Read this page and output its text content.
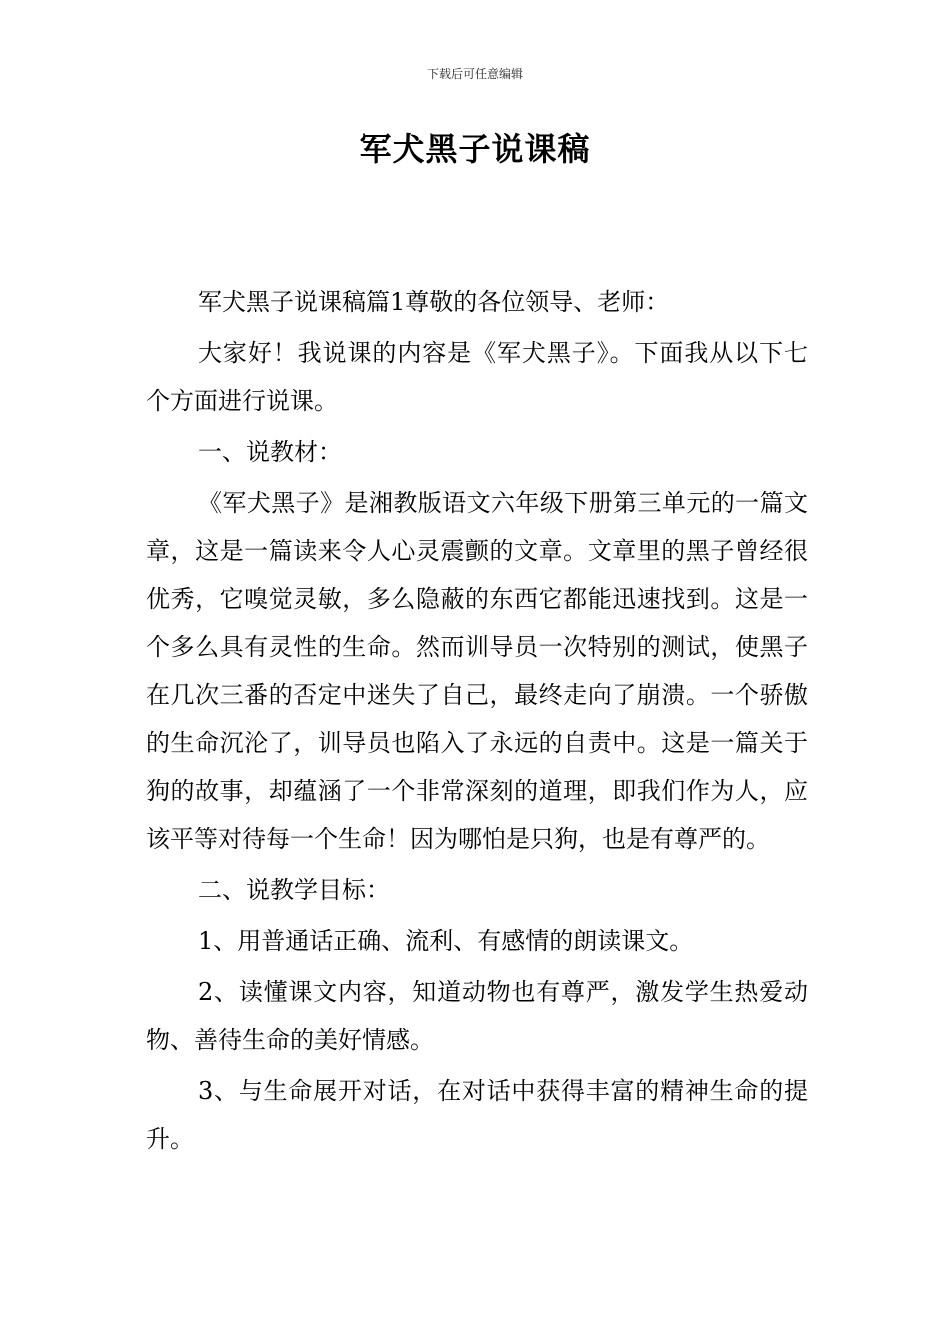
下载后可任意编辑
军犬黑子说课稿

军犬黑子说课稿篇1尊敬的各位领导、老师：

大家好！我说课的内容是《军犬黑子》。下面我从以下七个方面进行说课。

一、说教材：

《军犬黑子》是湘教版语文六年级下册第三单元的一篇文章，这是一篇读来令人心灵震颤的文章。文章里的黑子曾经很优秀，它嗅觉灵敏，多么隐蔽的东西它都能迅速找到。这是一个多么具有灵性的生命。然而训导员一次特别的测试，使黑子在几次三番的否定中迷失了自己，最终走向了崩溃。一个骄傲的生命沉沦了，训导员也陷入了永远的自责中。这是一篇关于狗的故事，却蕴涵了一个非常深刻的道理，即我们作为人，应该平等对待每一个生命！因为哪怕是只狗，也是有尊严的。

二、说教学目标：

1、用普通话正确、流利、有感情的朗读课文。

2、读懂课文内容，知道动物也有尊严，激发学生热爱动物、善待生命的美好情感。

3、与生命展开对话，在对话中获得丰富的精神生命的提升。
